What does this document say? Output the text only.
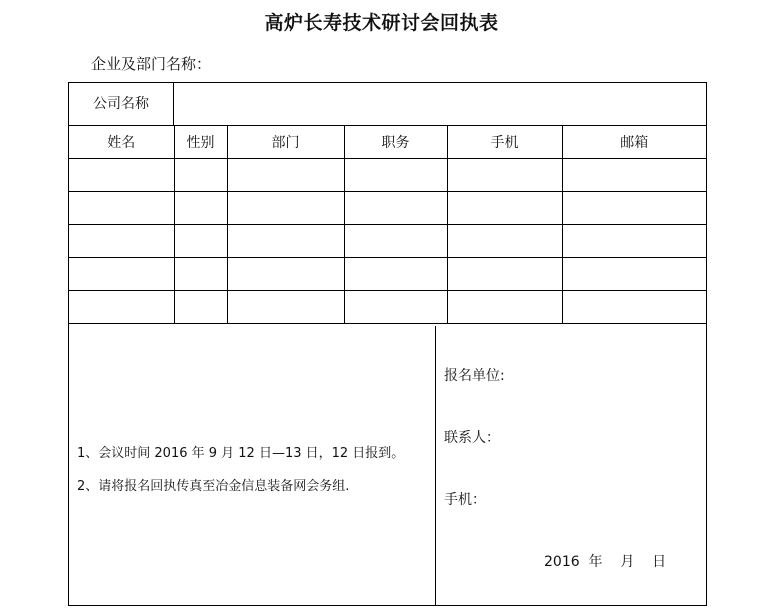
高炉长寿技术研讨会回执表
企业及部门名称：
公司名称
姓名	性别	部门	职务	手机	邮箱

1、会议时间 2016 年 9 月 12 日—13 日，12 日报到。
2、请将报名回执传真至冶金信息装备网会务组.
报名单位:
联系人：
手机：
2016  年    月    日
